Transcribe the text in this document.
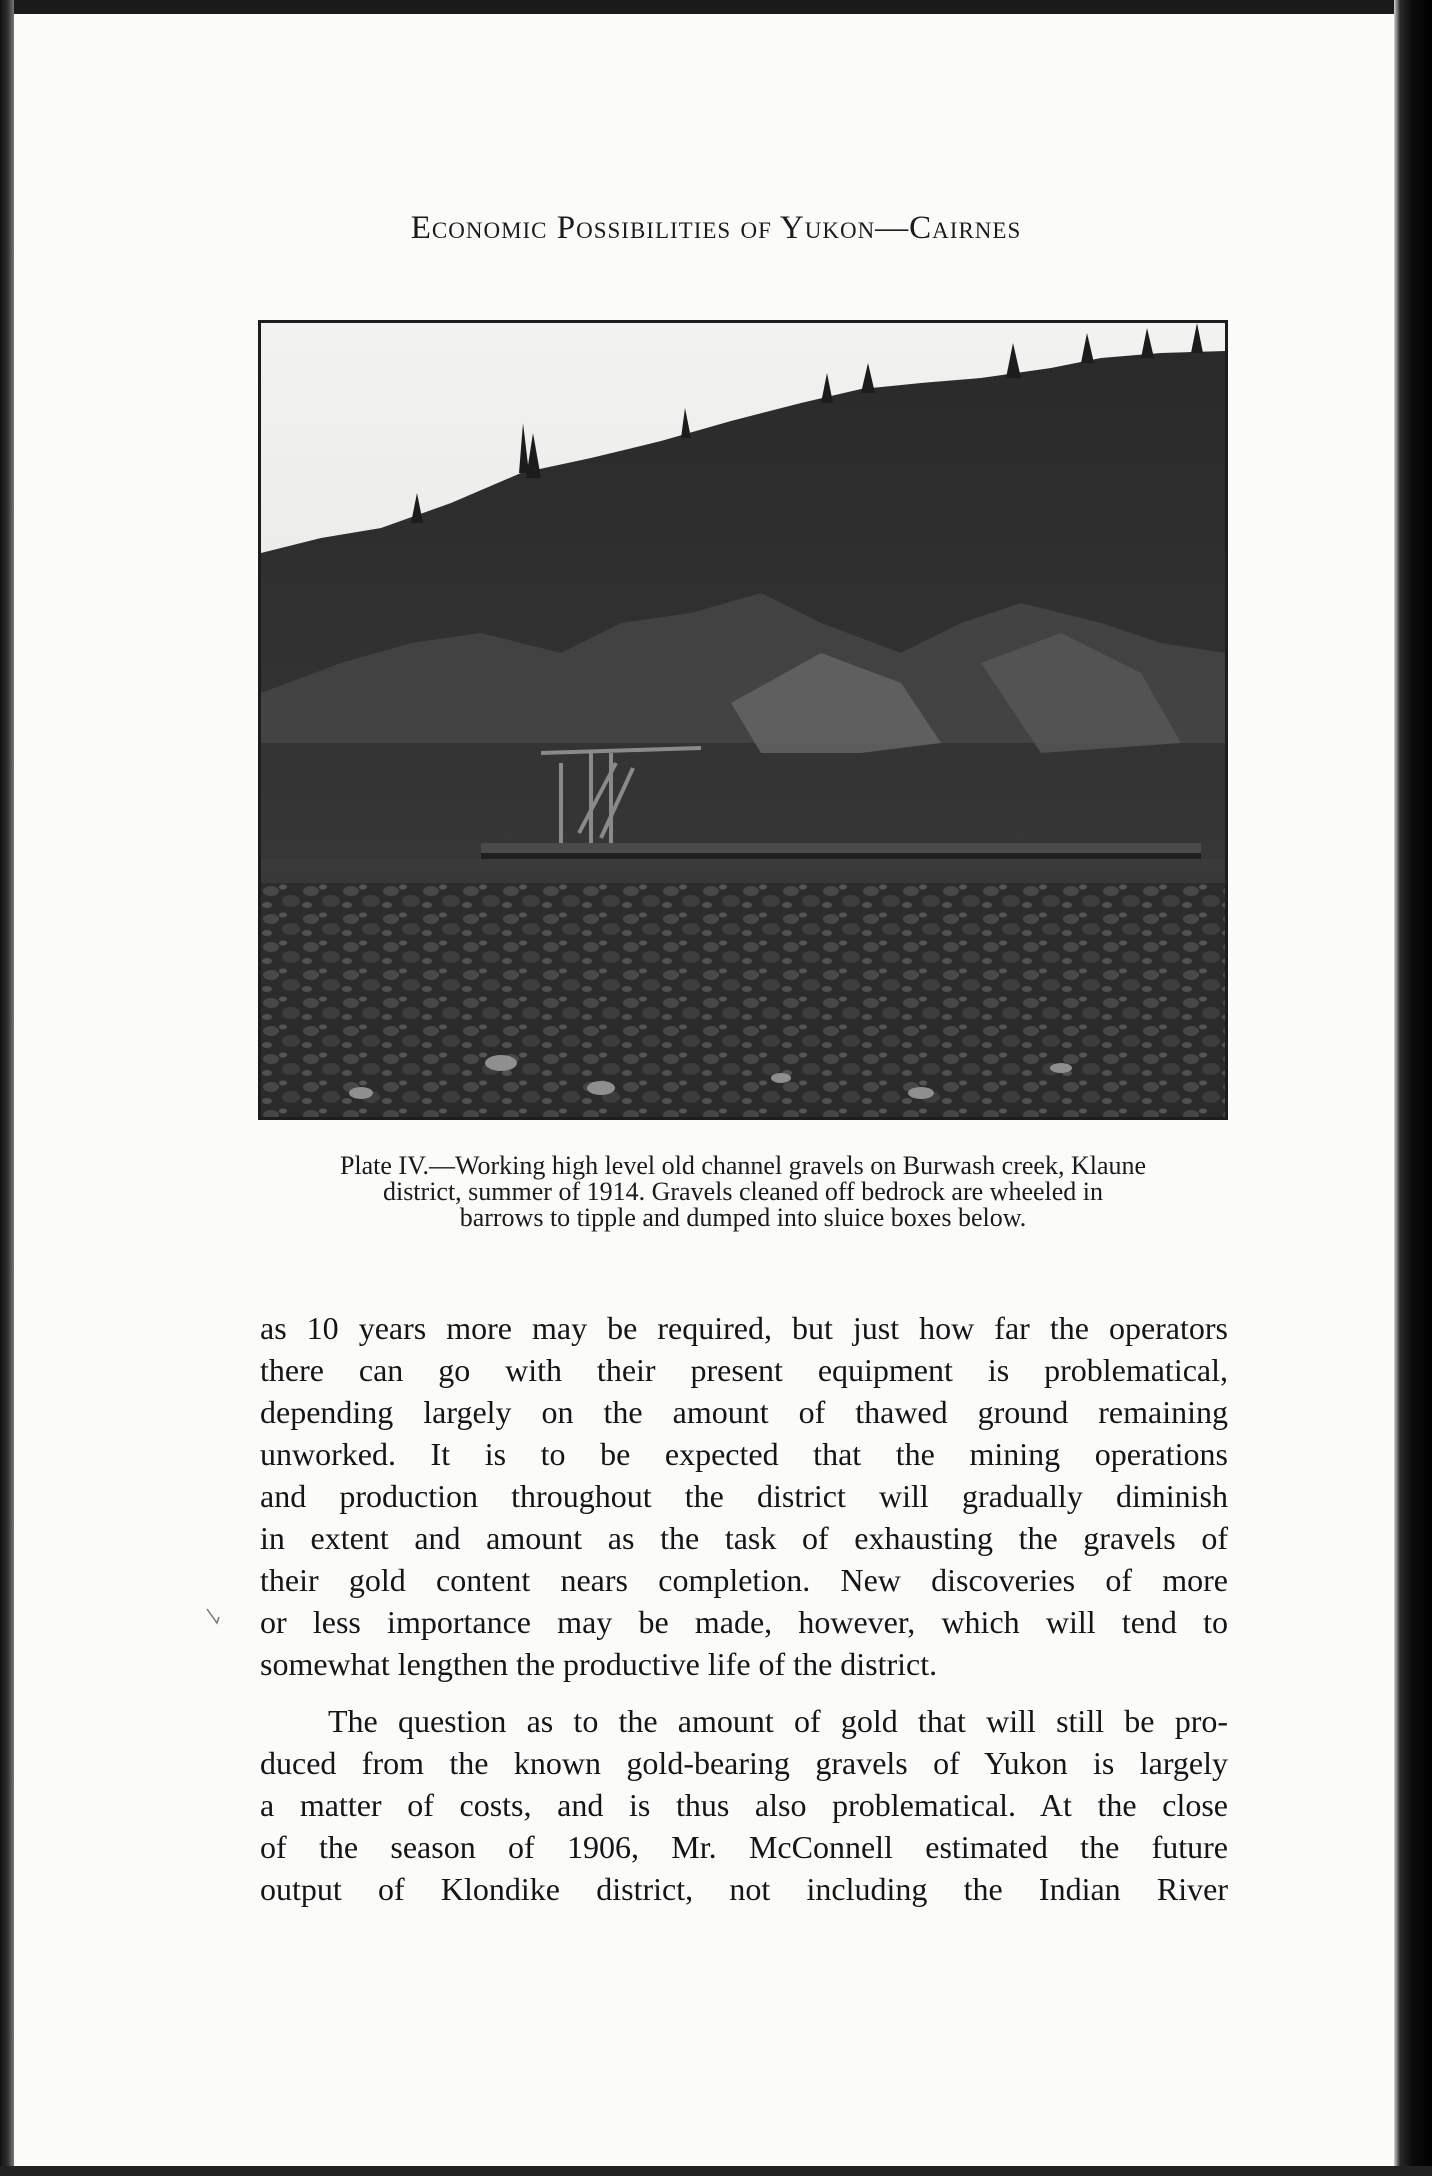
Economic Possibilities of Yukon—Cairnes
Plate IV.—Working high level old channel gravels on Burwash creek, Klaune
district, summer of 1914. Gravels cleaned off bedrock are wheeled in
barrows to tipple and dumped into sluice boxes below.
as 10 years more may be required, but just how far the operators
there can go with their present equipment is problematical,
depending largely on the amount of thawed ground remaining
unworked. It is to be expected that the mining operations
and production throughout the district will gradually diminish
in extent and amount as the task of exhausting the gravels of
their gold content nears completion. New discoveries of more
or less importance may be made, however, which will tend to
somewhat lengthen the productive life of the district.
The question as to the amount of gold that will still be pro-
duced from the known gold-bearing gravels of Yukon is largely
a matter of costs, and is thus also problematical. At the close
of the season of 1906, Mr. McConnell estimated the future
output of Klondike district, not including the Indian River
